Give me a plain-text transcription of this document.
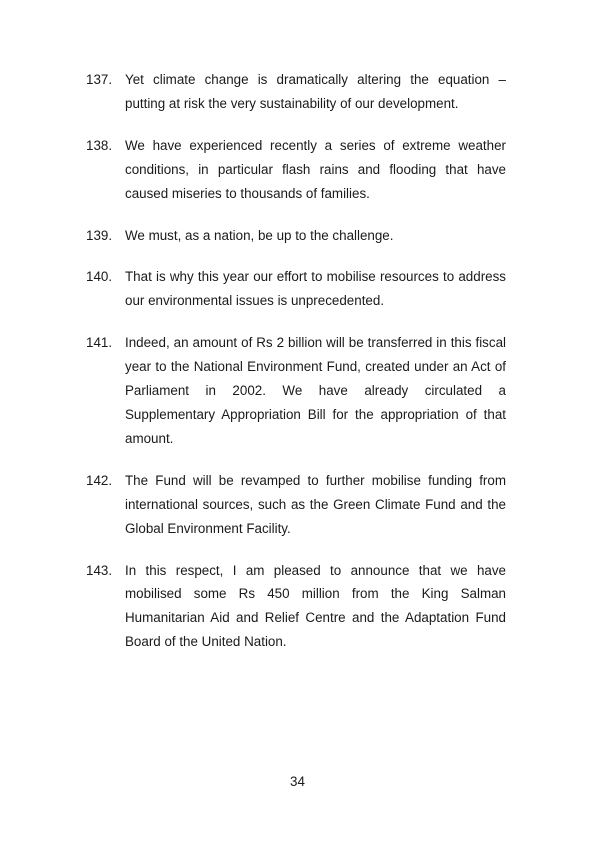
137. Yet climate change is dramatically altering the equation – putting at risk the very sustainability of our development.
138. We have experienced recently a series of extreme weather conditions, in particular flash rains and flooding that have caused miseries to thousands of families.
139. We must, as a nation, be up to the challenge.
140. That is why this year our effort to mobilise resources to address our environmental issues is unprecedented.
141. Indeed, an amount of Rs 2 billion will be transferred in this fiscal year to the National Environment Fund, created under an Act of Parliament in 2002. We have already circulated a Supplementary Appropriation Bill for the appropriation of that amount.
142. The Fund will be revamped to further mobilise funding from international sources, such as the Green Climate Fund and the Global Environment Facility.
143. In this respect, I am pleased to announce that we have mobilised some Rs 450 million from the King Salman Humanitarian Aid and Relief Centre and the Adaptation Fund Board of the United Nation.
34
